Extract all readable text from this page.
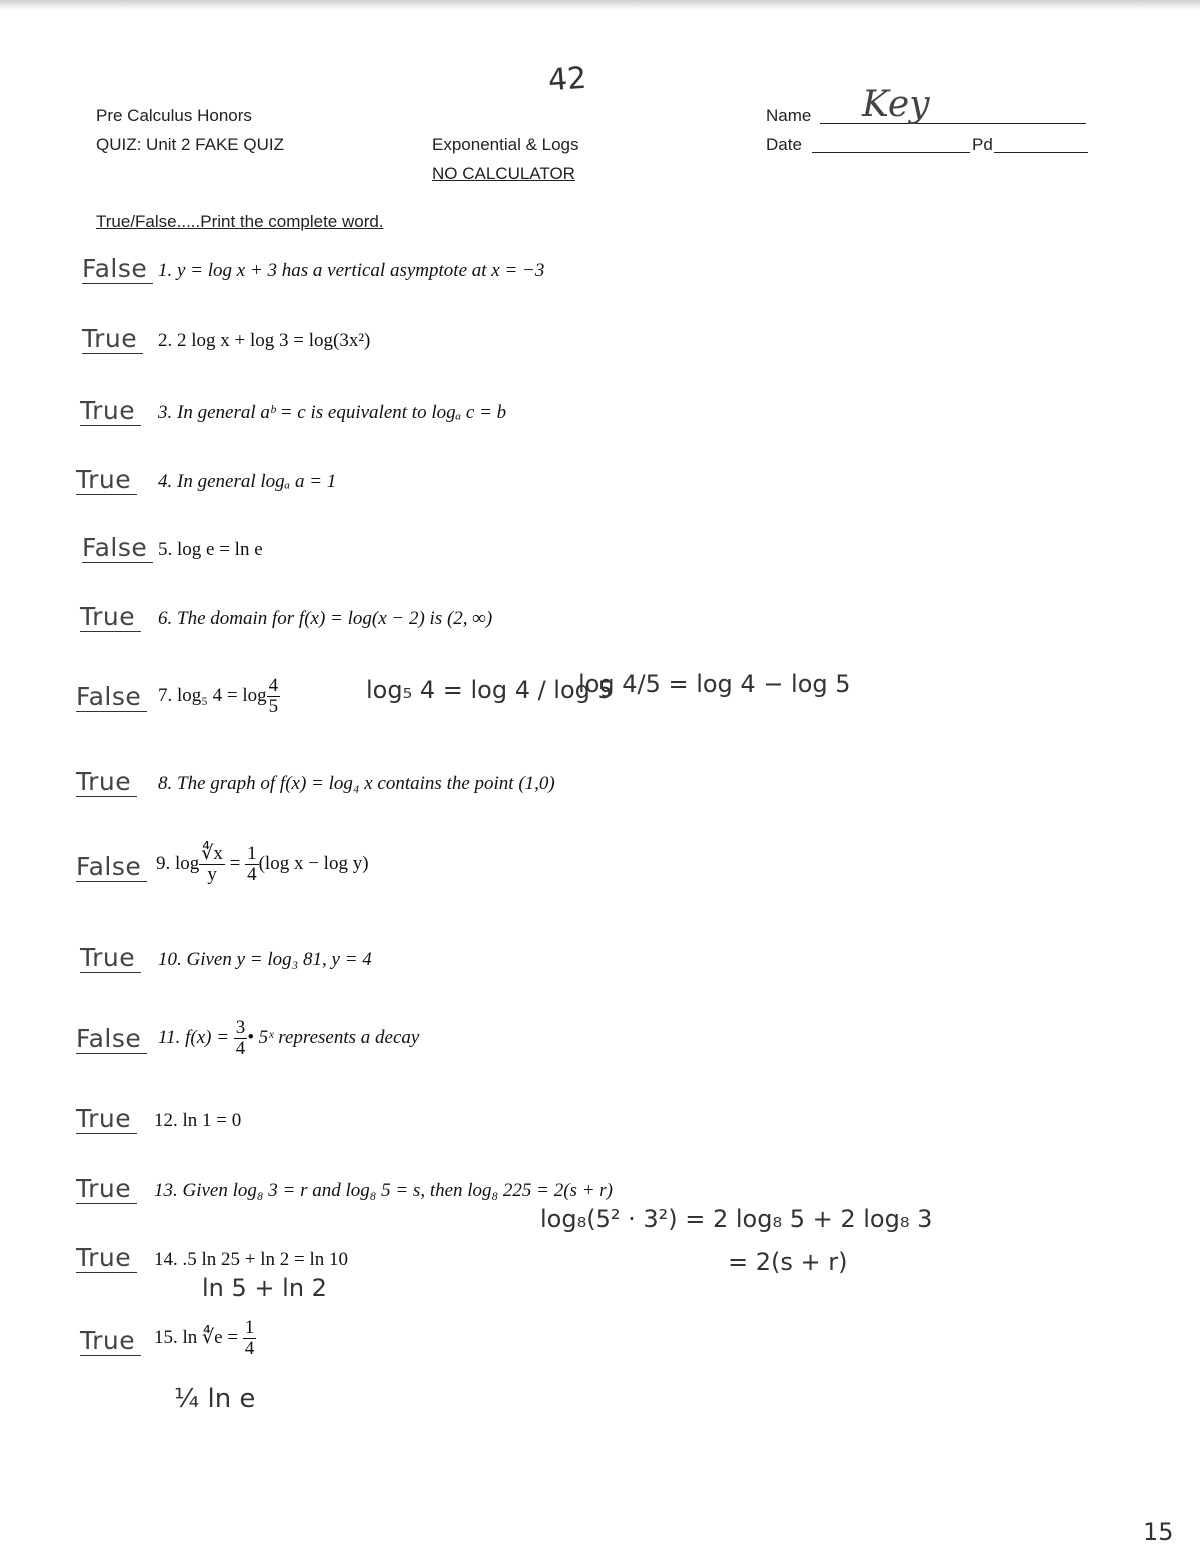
42
Pre Calculus Honors
QUIZ: Unit 2 FAKE QUIZ	Exponential & Logs
NO CALCULATOR
Name Key
Date	Pd
True/False.....Print the complete word.
False 1. y = log x + 3 has a vertical asymptote at x = −3
True	2. 2 log x + log 3 = log(3x²)
True	3. In general aᵇ = c is equivalent to logₐ c = b
True	4. In general logₐ a = 1
False 5. log e = ln e
True	6. The domain for f(x) = log(x − 2) is (2, ∞)
False 7. log₅ $4 = \log \frac{4}{5}$	log₅ 4 = log 4 / log 5
log 4/5 = log 4 − log 5
True	8. The graph of f(x) = log₄ x contains the point (1,0)
False 9. $\log \frac{∜x}{y} = \frac{1}{4} (\log$ x − log y)
True	10. Given y = log₃ 81, y = 4
False 11. $f(x) = \frac{3}{4}$ • 5ˣ represents a decay
True	12. ln 1 = 0
True	13. Given log₈ 3 = r and log₈ 5 = s, then log₈ 225 = 2(s + r)
log₈(5² · 3²) = 2 log₈ 5 + 2 log₈ 3
= 2(s + r)
True	14. .5 ln 25 + ln 2 = ln 10
ln 5 + ln 2
True 15. ln ∜e = $\frac{1}{4}$
¼ ln e
15
